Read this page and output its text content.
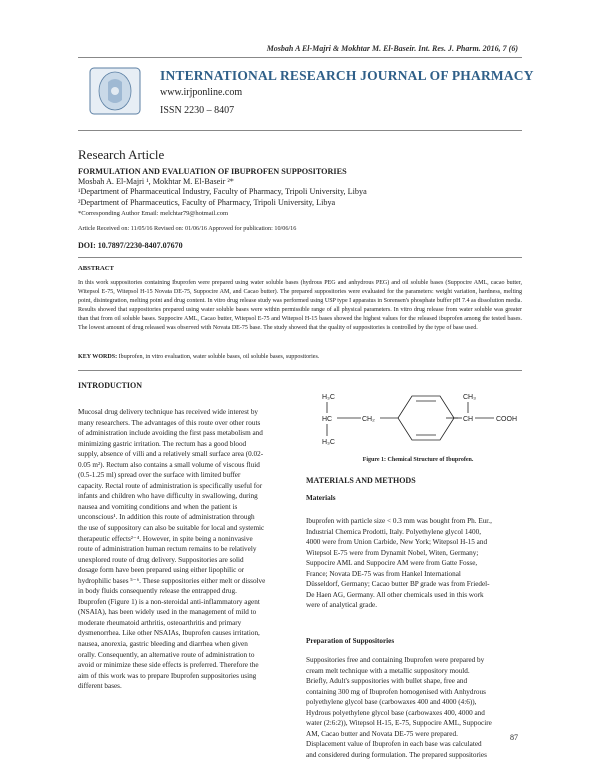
Mosbah A El-Majri & Mokhtar M. El-Baseir. Int. Res. J. Pharm. 2016, 7 (6)
INTERNATIONAL RESEARCH JOURNAL OF PHARMACY
www.irjponline.com
ISSN 2230 – 8407
Research Article
FORMULATION AND EVALUATION OF IBUPROFEN SUPPOSITORIES
Mosbah A. El-Majri ¹, Mokhtar M. El-Baseir ²*
¹Department of Pharmaceutical Industry, Faculty of Pharmacy, Tripoli University, Libya
²Department of Pharmaceutics, Faculty of Pharmacy, Tripoli University, Libya
*Corresponding Author Email: melchtar79@hotmail.com
Article Received on: 11/05/16 Revised on: 01/06/16 Approved for publication: 10/06/16
DOI: 10.7897/2230-8407.07670
ABSTRACT
In this work suppositories containing Ibuprofen were prepared using water soluble bases (hydrous PEG and anhydrous PEG) and oil soluble bases (Suppocire AML, cacao butter, Witepsol E-75, Witepsol H-15 Novata DE-75, Suppocire AM, and Cacao butter). The prepared suppositories were evaluated for the parameters: weight variation, hardness, melting point, disintegration, melting point and drug content. In vitro drug release study was performed using USP type I apparatus in Sorensen's phosphate buffer pH 7.4 as dissolution media. Results showed that suppositories prepared using water soluble bases were within permissible range of all physical parameters. In vitro drug release from water soluble was greater than that from oil soluble bases. Suppocire AML, Cacao butter, Witepsol E-75 and Witepsol H-15 bases showed the highest values for the released ibuprofen among the tested bases. The lowest amount of drug released was observed with Novata DE-75 base. The study showed that the quality of suppositories is controlled by the type of base used.
KEY WORDS: Ibuprofen, in vitro evaluation, water soluble bases, oil soluble bases, suppositories.
INTRODUCTION
Mucosal drug delivery technique has received wide interest by
many researchers. The advantages of this route over other routs
of administration include avoiding the first pass metabolism and
minimizing gastric irritation. The rectum has a good blood
supply, absence of villi and a relatively small surface area (0.02-
0.05 m²). Rectum also contains a small volume of viscous fluid
(0.5-1.25 ml) spread over the surface with limited buffer
capacity. Rectal route of administration is specifically useful for
infants and children who have difficulty in swallowing, during
nausea and vomiting conditions and when the patient is
unconscious¹. In addition this route of administration through
the use of suppository can also be suitable for local and systemic
therapeutic effects²⁻⁴. However, in spite being a noninvasive
route of administration human rectum remains to be relatively
unexplored route of drug delivery. Suppositories are solid
dosage form have been prepared using either lipophilic or
hydrophilic bases ⁵⁻⁶. These suppositories either melt or dissolve
in body fluids consequently release the entrapped drug.
Ibuprofen (Figure 1) is a non-steroidal anti-inflammatory agent
(NSAIA), has been widely used in the management of mild to
moderate rheumatoid arthritis, osteoarthritis and primary
dysmenorrhea. Like other NSAIAs, Ibuprofen causes irritation,
nausea, anorexia, gastric bleeding and diarrhea when given
orally. Consequently, an alternative route of administration to
avoid or minimize these side effects is preferred. Therefore the
aim of this work was to prepare Ibuprofen suppositories using
different bases.
H₃C
HC	CH₂
H₃C
CH₃
CH	COOH
Figure 1: Chemical Structure of Ibuprofen.
MATERIALS AND METHODS
Materials
Ibuprofen with particle size < 0.3 mm was bought from Ph. Eur.,
Industrial Chemica Prodotti, Italy. Polyethylene glycol 1400,
4000 were from Union Carbide, New York; Witepsol H-15 and
Witepsol E-75 were from Dynamit Nobel, Witen, Germany;
Suppocire AML and Suppocire AM were from Gatte Fosse,
France; Novata DE-75 was from Hankel International
Düsseldorf, Germany; Cacao butter BP grade was from Friedel-
De Haen AG, Germany. All other chemicals used in this work
were of analytical grade.
Preparation of Suppositories
Suppositories free and containing Ibuprofen were prepared by
cream melt technique with a metallic suppository mould.
Briefly, Adult's suppositories with bullet shape, free and
containing 300 mg of Ibuprofen homogenised with Anhydrous
polyethylene glycol base (carbowaxes 400 and 4000 (4:6)),
Hydrous polyethylene glycol base (carbowaxes 400, 4000 and
water (2:6:2)), Witepsol H-15, E-75, Suppocire AML, Suppocire
AM, Cacao butter and Novata DE-75 were prepared.
Displacement value of Ibuprofen in each base was calculated
and considered during formulation. The prepared suppositories
87
